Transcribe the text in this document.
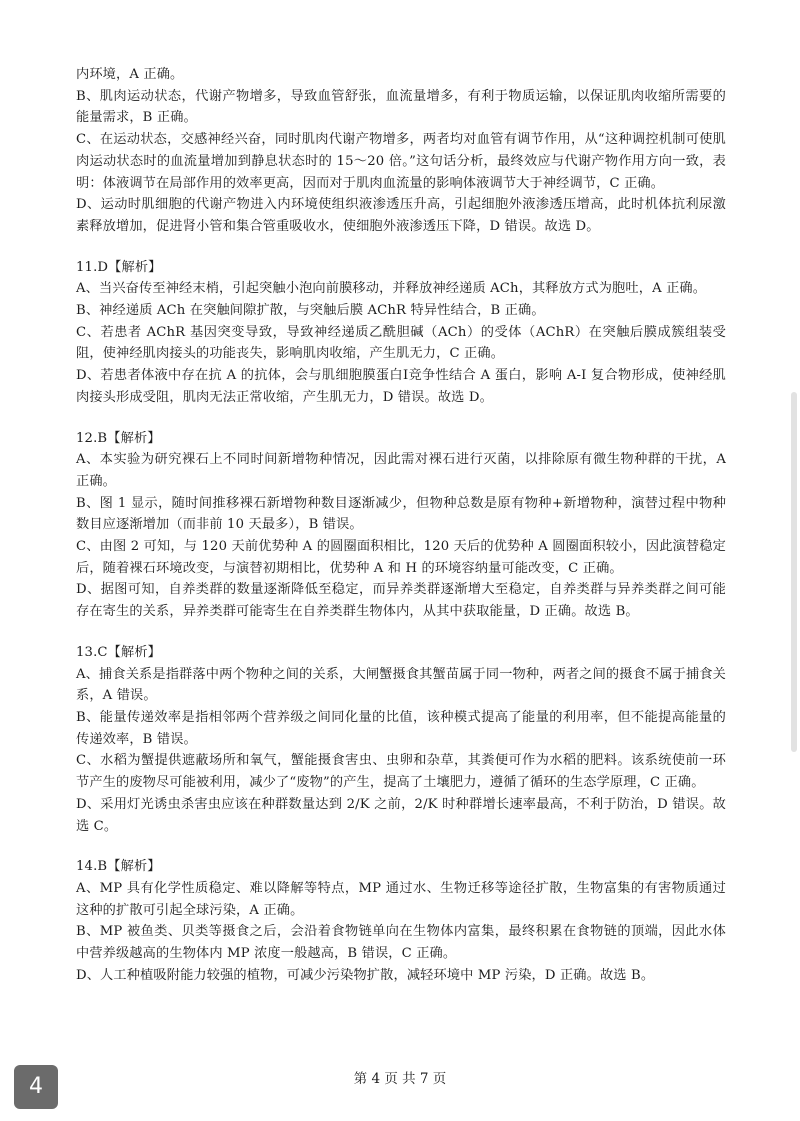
内环境，A 正确。

B、肌肉运动状态，代谢产物增多，导致血管舒张，血流量增多，有利于物质运输，以保证肌肉收缩所需要的能量需求，B 正确。

C、在运动状态，交感神经兴奋，同时肌肉代谢产物增多，两者均对血管有调节作用，从“这种调控机制可使肌肉运动状态时的血流量增加到静息状态时的 15～20 倍。”这句话分析，最终效应与代谢产物作用方向一致，表明：体液调节在局部作用的效率更高，因而对于肌肉血流量的影响体液调节大于神经调节，C 正确。

D、运动时肌细胞的代谢产物进入内环境使组织液渗透压升高，引起细胞外液渗透压增高，此时机体抗利尿激素释放增加，促进肾小管和集合管重吸收水，使细胞外液渗透压下降，D 错误。故选 D。

11.D【解析】

A、当兴奋传至神经末梢，引起突触小泡向前膜移动，并释放神经递质 ACh，其释放方式为胞吐，A 正确。

B、神经递质 ACh 在突触间隙扩散，与突触后膜 AChR 特异性结合，B 正确。

C、若患者 AChR 基因突变导致，导致神经递质乙酰胆碱（ACh）的受体（AChR）在突触后膜成簇组装受阻，使神经肌肉接头的功能丧失，影响肌肉收缩，产生肌无力，C 正确。

D、若患者体液中存在抗 A 的抗体，会与肌细胞膜蛋白I竞争性结合 A 蛋白，影响 A-I 复合物形成，使神经肌肉接头形成受阻，肌肉无法正常收缩，产生肌无力，D 错误。故选 D。

12.B【解析】

A、本实验为研究裸石上不同时间新增物种情况，因此需对裸石进行灭菌，以排除原有微生物种群的干扰，A 正确。

B、图 1 显示，随时间推移裸石新增物种数目逐渐减少，但物种总数是原有物种+新增物种，演替过程中物种数目应逐渐增加（而非前 10 天最多），B 错误。

C、由图 2 可知，与 120 天前优势种 A 的圆圈面积相比，120 天后的优势种 A 圆圈面积较小，因此演替稳定后，随着裸石环境改变，与演替初期相比，优势种 A 和 H 的环境容纳量可能改变，C 正确。

D、据图可知，自养类群的数量逐渐降低至稳定，而异养类群逐渐增大至稳定，自养类群与异养类群之间可能存在寄生的关系，异养类群可能寄生在自养类群生物体内，从其中获取能量，D 正确。故选 B。

13.C【解析】

A、捕食关系是指群落中两个物种之间的关系，大闸蟹摄食其蟹苗属于同一物种，两者之间的摄食不属于捕食关系，A 错误。

B、能量传递效率是指相邻两个营养级之间同化量的比值，该种模式提高了能量的利用率，但不能提高能量的传递效率，B 错误。

C、水稻为蟹提供遮蔽场所和氧气，蟹能摄食害虫、虫卵和杂草，其粪便可作为水稻的肥料。该系统使前一环节产生的废物尽可能被利用，减少了“废物”的产生，提高了土壤肥力，遵循了循环的生态学原理，C 正确。

D、采用灯光诱虫杀害虫应该在种群数量达到 2/K 之前，2/K 时种群增长速率最高，不利于防治，D 错误。故选 C。

14.B【解析】

A、MP 具有化学性质稳定、难以降解等特点，MP 通过水、生物迁移等途径扩散，生物富集的有害物质通过这种的扩散可引起全球污染，A 正确。

B、MP 被鱼类、贝类等摄食之后，会沿着食物链单向在生物体内富集，最终积累在食物链的顶端，因此水体中营养级越高的生物体内 MP 浓度一般越高，B 错误，C 正确。

D、人工种植吸附能力较强的植物，可减少污染物扩散，减轻环境中 MP 污染，D 正确。故选 B。

第 4 页 共 7 页
4
